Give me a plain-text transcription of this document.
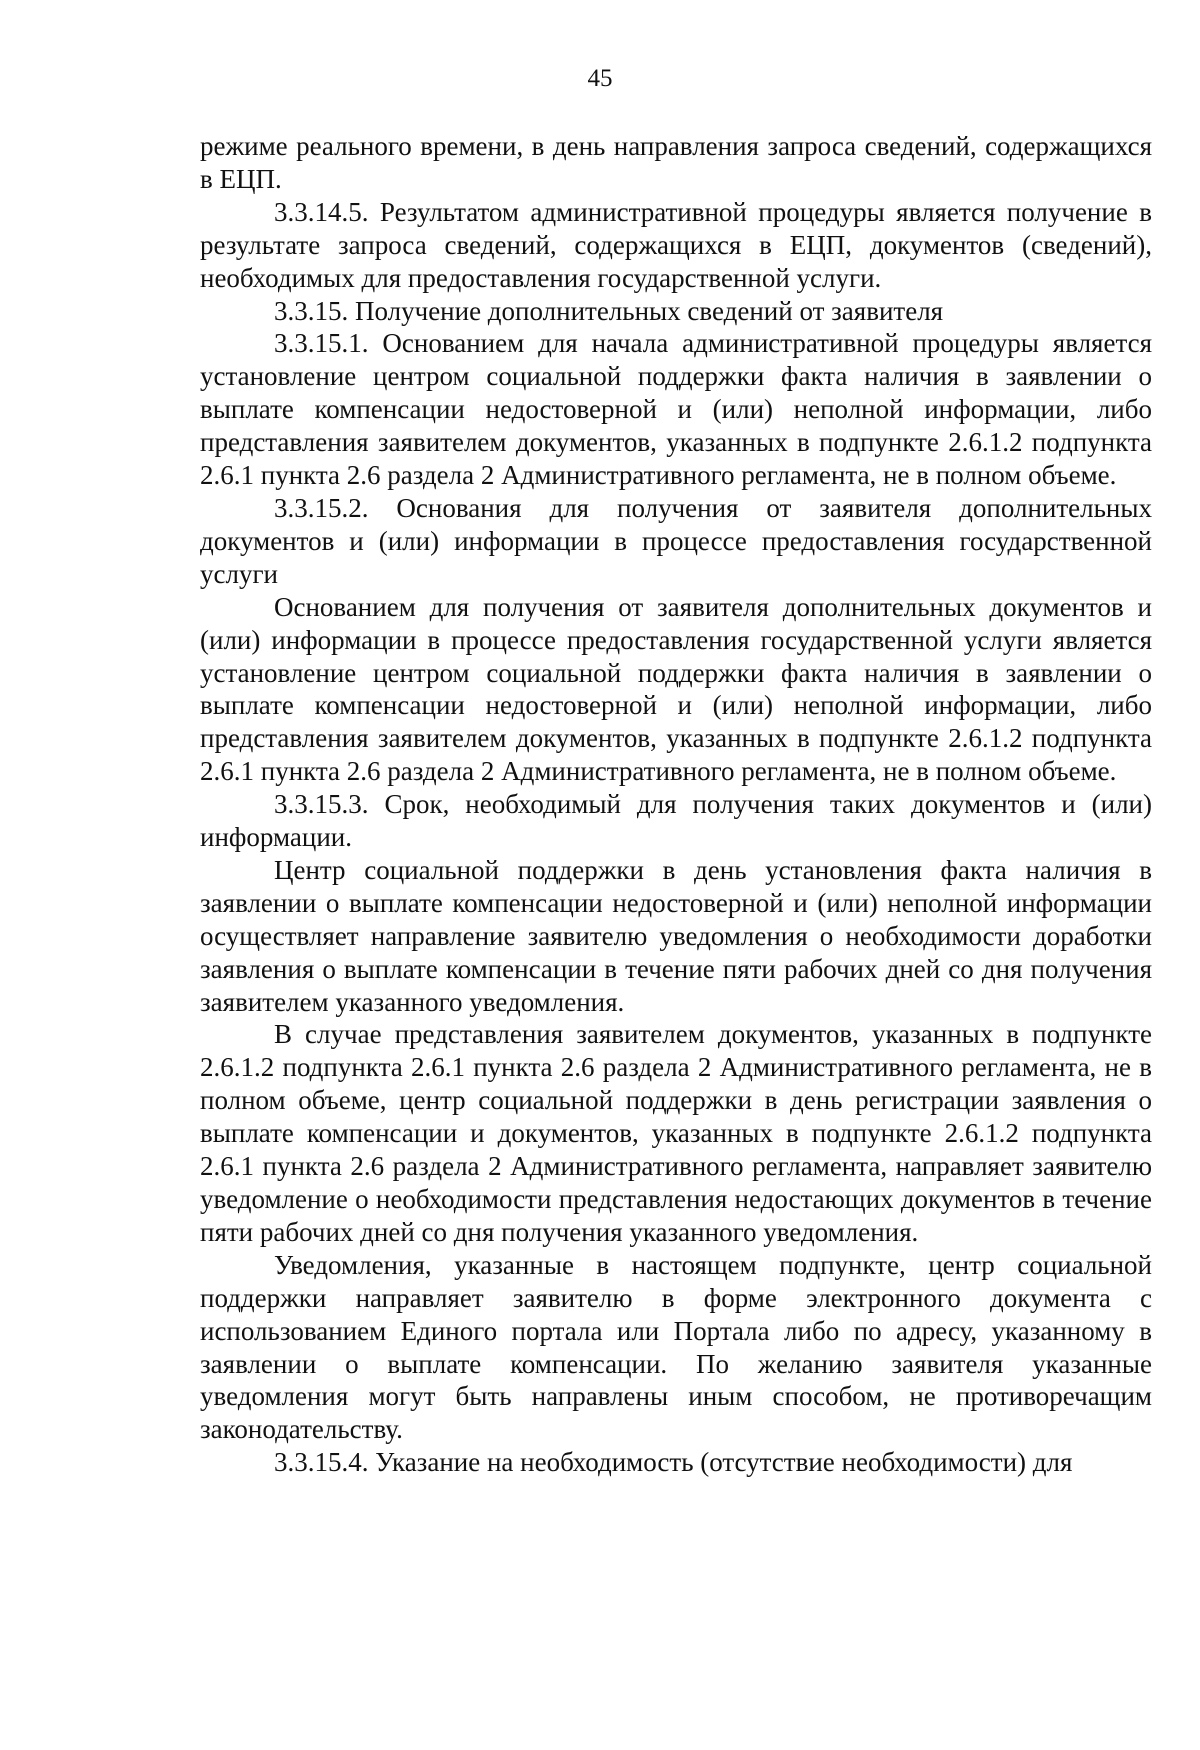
45

режиме реального времени, в день направления запроса сведений, содержащихся в ЕЦП.

3.3.14.5. Результатом административной процедуры является получение в результате запроса сведений, содержащихся в ЕЦП, документов (сведений), необходимых для предоставления государственной услуги.

3.3.15. Получение дополнительных сведений от заявителя

3.3.15.1. Основанием для начала административной процедуры является установление центром социальной поддержки факта наличия в заявлении о выплате компенсации недостоверной и (или) неполной информации, либо представления заявителем документов, указанных в подпункте 2.6.1.2 подпункта 2.6.1 пункта 2.6 раздела 2 Административного регламента, не в полном объеме.

3.3.15.2. Основания для получения от заявителя дополнительных документов и (или) информации в процессе предоставления государственной услуги

Основанием для получения от заявителя дополнительных документов и (или) информации в процессе предоставления государственной услуги является установление центром социальной поддержки факта наличия в заявлении о выплате компенсации недостоверной и (или) неполной информации, либо представления заявителем документов, указанных в подпункте 2.6.1.2 подпункта 2.6.1 пункта 2.6 раздела 2 Административного регламента, не в полном объеме.

3.3.15.3. Срок, необходимый для получения таких документов и (или) информации.

Центр социальной поддержки в день установления факта наличия в заявлении о выплате компенсации недостоверной и (или) неполной информации осуществляет направление заявителю уведомления о необходимости доработки заявления о выплате компенсации в течение пяти рабочих дней со дня получения заявителем указанного уведомления.

В случае представления заявителем документов, указанных в подпункте 2.6.1.2 подпункта 2.6.1 пункта 2.6 раздела 2 Административного регламента, не в полном объеме, центр социальной поддержки в день регистрации заявления о выплате компенсации и документов, указанных в подпункте 2.6.1.2 подпункта 2.6.1 пункта 2.6 раздела 2 Административного регламента, направляет заявителю уведомление о необходимости представления недостающих документов в течение пяти рабочих дней со дня получения указанного уведомления.

Уведомления, указанные в настоящем подпункте, центр социальной поддержки направляет заявителю в форме электронного документа с использованием Единого портала или Портала либо по адресу, указанному в заявлении о выплате компенсации. По желанию заявителя указанные уведомления могут быть направлены иным способом, не противоречащим законодательству.

3.3.15.4. Указание на необходимость (отсутствие необходимости) для
